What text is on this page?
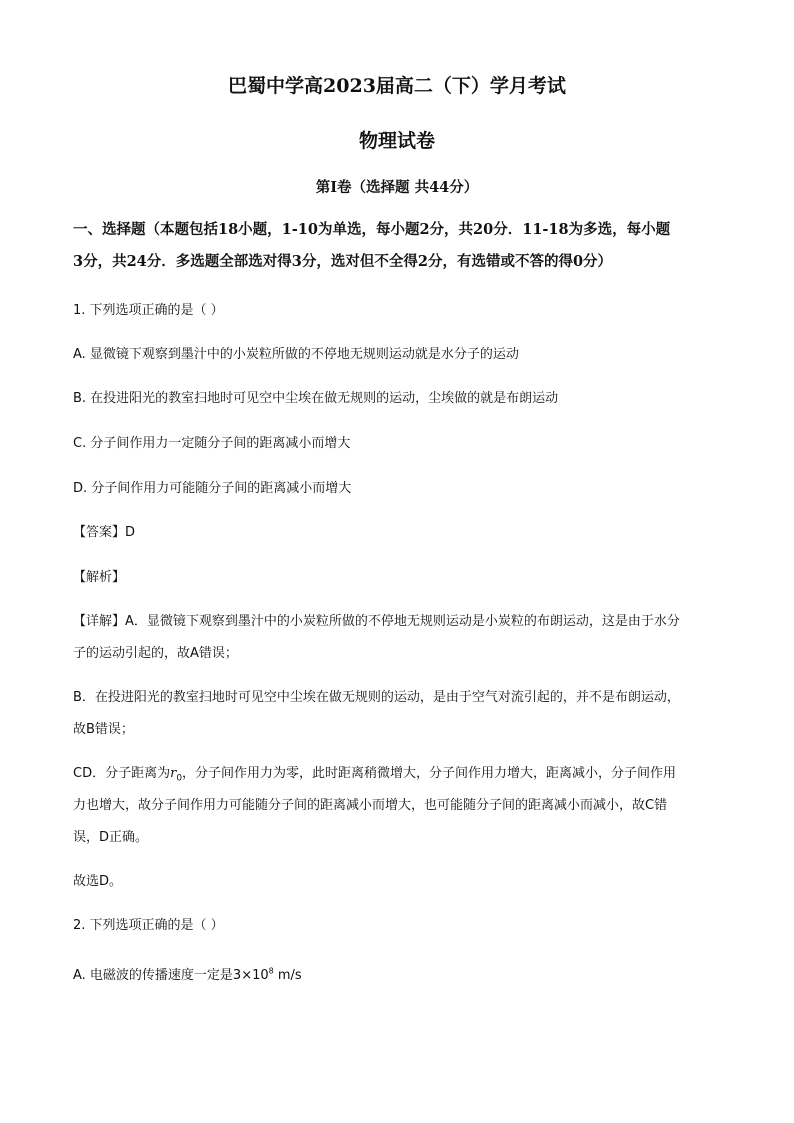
巴蜀中学高2023届高二（下）学月考试
物理试卷
第Ⅰ卷（选择题 共44分）
一、选择题（本题包括18小题，1-10为单选，每小题2分，共20分．11-18为多选，每小题
3分，共24分．多选题全部选对得3分，选对但不全得2分，有选错或不答的得0分）
1. 下列选项正确的是（ ）
A. 显微镜下观察到墨汁中的小炭粒所做的不停地无规则运动就是水分子的运动
B. 在投进阳光的教室扫地时可见空中尘埃在做无规则的运动，尘埃做的就是布朗运动
C. 分子间作用力一定随分子间的距离减小而增大
D. 分子间作用力可能随分子间的距离减小而增大
【答案】D
【解析】
【详解】A．显微镜下观察到墨汁中的小炭粒所做的不停地无规则运动是小炭粒的布朗运动，这是由于水分
子的运动引起的，故A错误；
B．在投进阳光的教室扫地时可见空中尘埃在做无规则的运动，是由于空气对流引起的，并不是布朗运动，
故B错误；
CD．分子距离为$r_0$，分子间作用力为零，此时距离稍微增大，分子间作用力增大，距离减小，分子间作用
力也增大，故分子间作用力可能随分子间的距离减小而增大，也可能随分子间的距离减小而减小，故C错
误，D正确。
故选D。
2. 下列选项正确的是（ ）
A. 电磁波的传播速度一定是$3\times 10^8$ m/s
